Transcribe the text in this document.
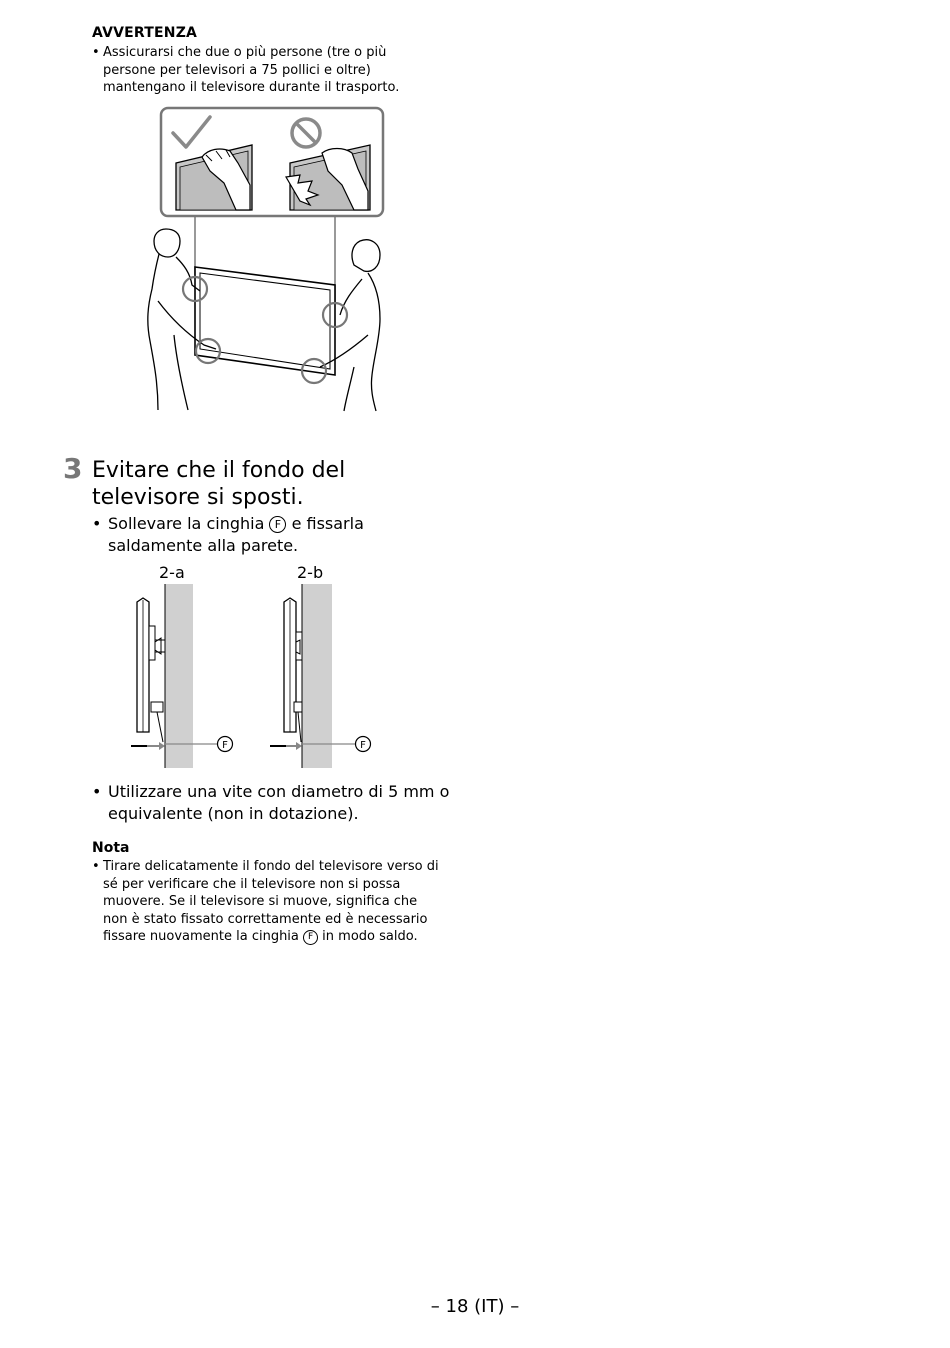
AVVERTENZA
• Assicurarsi che due o più persone (tre o più persone per televisori a 75 pollici e oltre) mantengano il televisore durante il trasporto.
3 Evitare che il fondo del televisore si sposti.
• Sollevare la cinghia F e fissarla saldamente alla parete.
2-a	2-b
F	F
• Utilizzare una vite con diametro di 5 mm o equivalente (non in dotazione).
Nota
• Tirare delicatamente il fondo del televisore verso di sé per verificare che il televisore non si possa muovere. Se il televisore si muove, significa che non è stato fissato correttamente ed è necessario fissare nuovamente la cinghia F in modo saldo.
– 18 (IT) –
